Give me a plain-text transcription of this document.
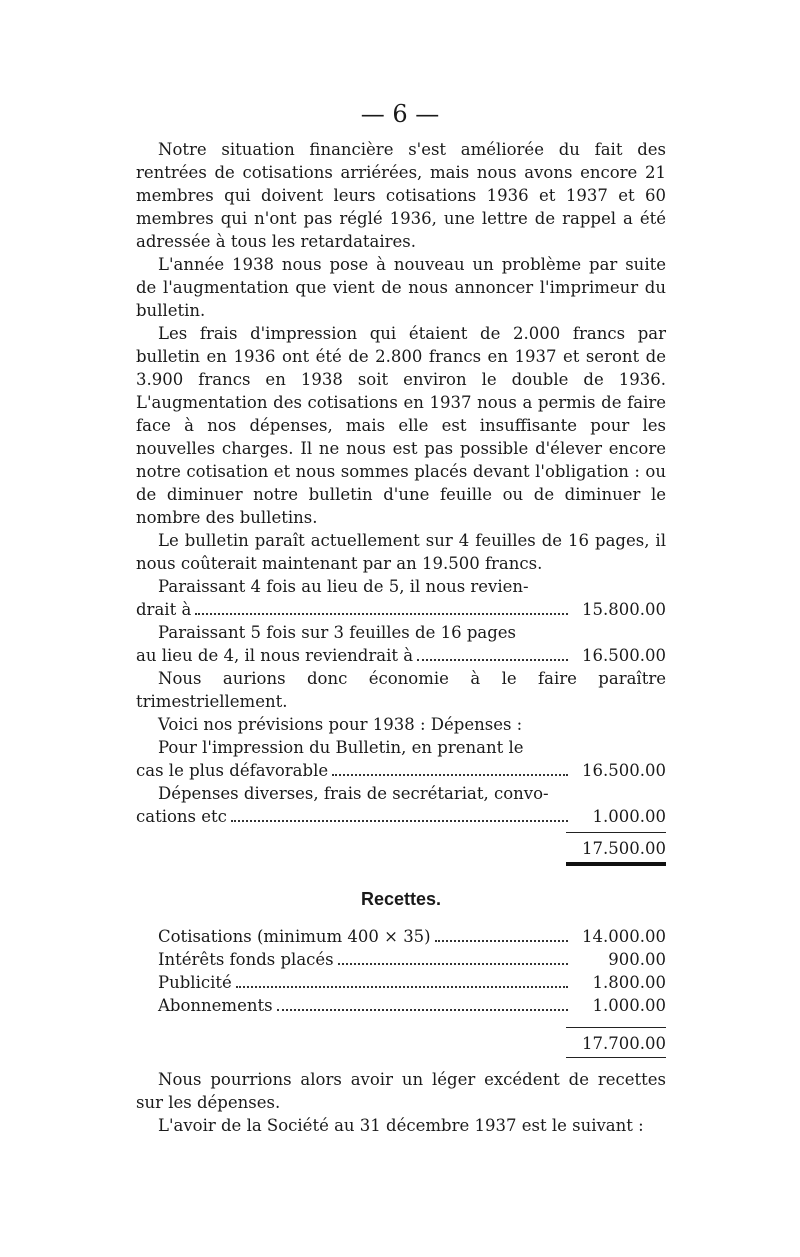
— 6 —

Notre situation financière s'est améliorée du fait des rentrées de cotisations arriérées, mais nous avons encore 21 membres qui doivent leurs cotisations 1936 et 1937 et 60 membres qui n'ont pas réglé 1936, une lettre de rappel a été adressée à tous les retardataires.

L'année 1938 nous pose à nouveau un problème par suite de l'augmentation que vient de nous annoncer l'imprimeur du bulletin.

Les frais d'impression qui étaient de 2.000 francs par bulletin en 1936 ont été de 2.800 francs en 1937 et seront de 3.900 francs en 1938 soit environ le double de 1936. L'augmentation des cotisations en 1937 nous a permis de faire face à nos dépenses, mais elle est insuffisante pour les nouvelles charges. Il ne nous est pas possible d'élever encore notre cotisation et nous sommes placés devant l'obligation : ou de diminuer notre bulletin d'une feuille ou de diminuer le nombre des bulletins.

Le bulletin paraît actuellement sur 4 feuilles de 16 pages, il nous coûterait maintenant par an 19.500 francs.

Paraissant 4 fois au lieu de 5, il nous revien-
drait à	15.800.00
Paraissant 5 fois sur 3 feuilles de 16 pages
au lieu de 4, il nous reviendrait à	16.500.00

Nous aurions donc économie à le faire paraître trimestriellement.

Voici nos prévisions pour 1938 : Dépenses :

Pour l'impression du Bulletin, en prenant le
cas le plus défavorable	16.500.00
Dépenses diverses, frais de secrétariat, convo-
cations etc	1.000.00
17.500.00
Recettes.
Cotisations (minimum 400 × 35)	14.000.00
Intérêts fonds placés	900.00
Publicité	1.800.00
Abonnements	1.000.00
17.700.00

Nous pourrions alors avoir un léger excédent de recettes sur les dépenses.

L'avoir de la Société au 31 décembre 1937 est le suivant :
